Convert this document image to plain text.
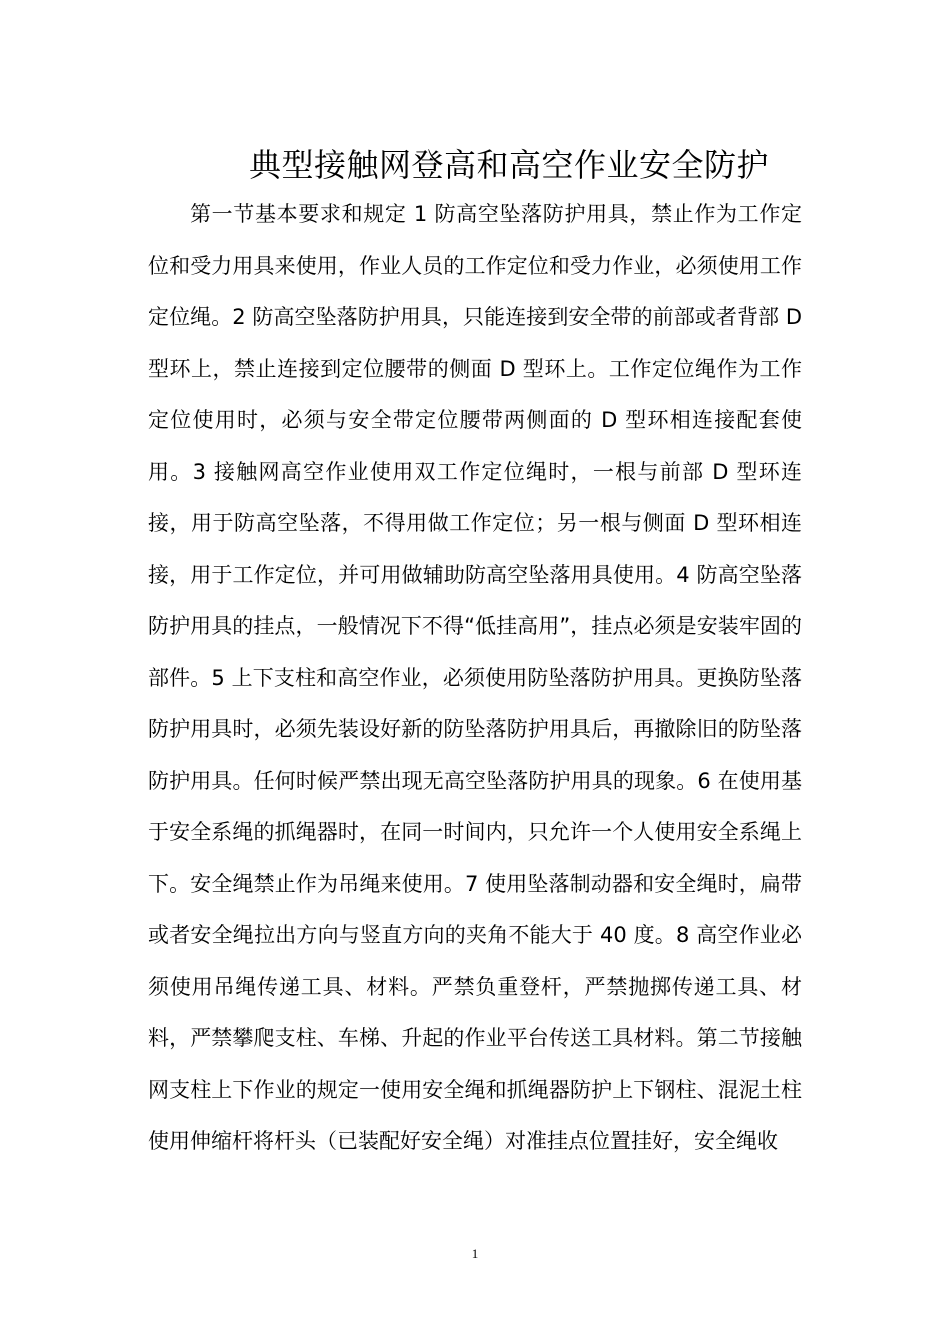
典型接触网登高和高空作业安全防护

第一节基本要求和规定 1 防高空坠落防护用具，禁止作为工作定位和受力用具来使用，作业人员的工作定位和受力作业，必须使用工作定位绳。2 防高空坠落防护用具，只能连接到安全带的前部或者背部 D 型环上，禁止连接到定位腰带的侧面 D 型环上。工作定位绳作为工作定位使用时，必须与安全带定位腰带两侧面的 D 型环相连接配套使用。3 接触网高空作业使用双工作定位绳时，一根与前部 D 型环连接，用于防高空坠落，不得用做工作定位；另一根与侧面 D 型环相连接，用于工作定位，并可用做辅助防高空坠落用具使用。4 防高空坠落防护用具的挂点，一般情况下不得“低挂高用”，挂点必须是安装牢固的部件。5 上下支柱和高空作业，必须使用防坠落防护用具。更换防坠落防护用具时，必须先装设好新的防坠落防护用具后，再撤除旧的防坠落防护用具。任何时候严禁出现无高空坠落防护用具的现象。6 在使用基于安全系绳的抓绳器时，在同一时间内，只允许一个人使用安全系绳上下。安全绳禁止作为吊绳来使用。7 使用坠落制动器和安全绳时，扁带或者安全绳拉出方向与竖直方向的夹角不能大于 40 度。8 高空作业必须使用吊绳传递工具、材料。严禁负重登杆，严禁抛掷传递工具、材料，严禁攀爬支柱、车梯、升起的作业平台传送工具材料。第二节接触网支柱上下作业的规定一使用安全绳和抓绳器防护上下钢柱、混泥土柱使用伸缩杆将杆头（已装配好安全绳）对准挂点位置挂好，安全绳收

1
